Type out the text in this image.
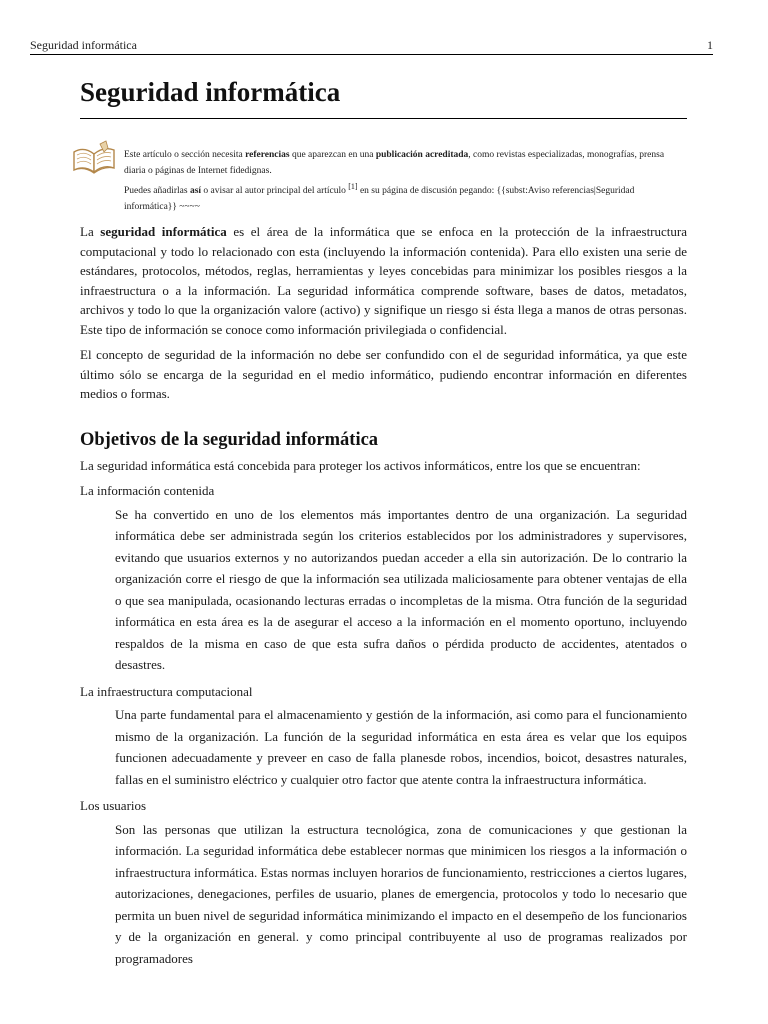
Seguridad informática	1
Seguridad informática
Este artículo o sección necesita referencias que aparezcan en una publicación acreditada, como revistas especializadas, monografías, prensa diaria o páginas de Internet fidedignas.
Puedes añadirlas así o avisar al autor principal del artículo [1] en su página de discusión pegando: {{subst:Aviso referencias|Seguridad informática}} ~~~~

La seguridad informática es el área de la informática que se enfoca en la protección de la infraestructura computacional y todo lo relacionado con esta (incluyendo la información contenida). Para ello existen una serie de estándares, protocolos, métodos, reglas, herramientas y leyes concebidas para minimizar los posibles riesgos a la infraestructura o a la información. La seguridad informática comprende software, bases de datos, metadatos, archivos y todo lo que la organización valore (activo) y signifique un riesgo si ésta llega a manos de otras personas. Este tipo de información se conoce como información privilegiada o confidencial.

El concepto de seguridad de la información no debe ser confundido con el de seguridad informática, ya que este último sólo se encarga de la seguridad en el medio informático, pudiendo encontrar información en diferentes medios o formas.

Objetivos de la seguridad informática

La seguridad informática está concebida para proteger los activos informáticos, entre los que se encuentran:

La información contenida
Se ha convertido en uno de los elementos más importantes dentro de una organización. La seguridad informática debe ser administrada según los criterios establecidos por los administradores y supervisores, evitando que usuarios externos y no autorizandos puedan acceder a ella sin autorización. De lo contrario la organización corre el riesgo de que la información sea utilizada maliciosamente para obtener ventajas de ella o que sea manipulada, ocasionando lecturas erradas o incompletas de la misma. Otra función de la seguridad informática en esta área es la de asegurar el acceso a la información en el momento oportuno, incluyendo respaldos de la misma en caso de que esta sufra daños o pérdida producto de accidentes, atentados o desastres.
La infraestructura computacional
Una parte fundamental para el almacenamiento y gestión de la información, asi como para el funcionamiento mismo de la organización. La función de la seguridad informática en esta área es velar que los equipos funcionen adecuadamente y preveer en caso de falla planesde robos, incendios, boicot, desastres naturales, fallas en el suministro eléctrico y cualquier otro factor que atente contra la infraestructura informática.
Los usuarios
Son las personas que utilizan la estructura tecnológica, zona de comunicaciones y que gestionan la información. La seguridad informática debe establecer normas que minimicen los riesgos a la información o infraestructura informática. Estas normas incluyen horarios de funcionamiento, restricciones a ciertos lugares, autorizaciones, denegaciones, perfiles de usuario, planes de emergencia, protocolos y todo lo necesario que permita un buen nivel de seguridad informática minimizando el impacto en el desempeño de los funcionarios y de la organización en general. y como principal contribuyente al uso de programas realizados por programadores
